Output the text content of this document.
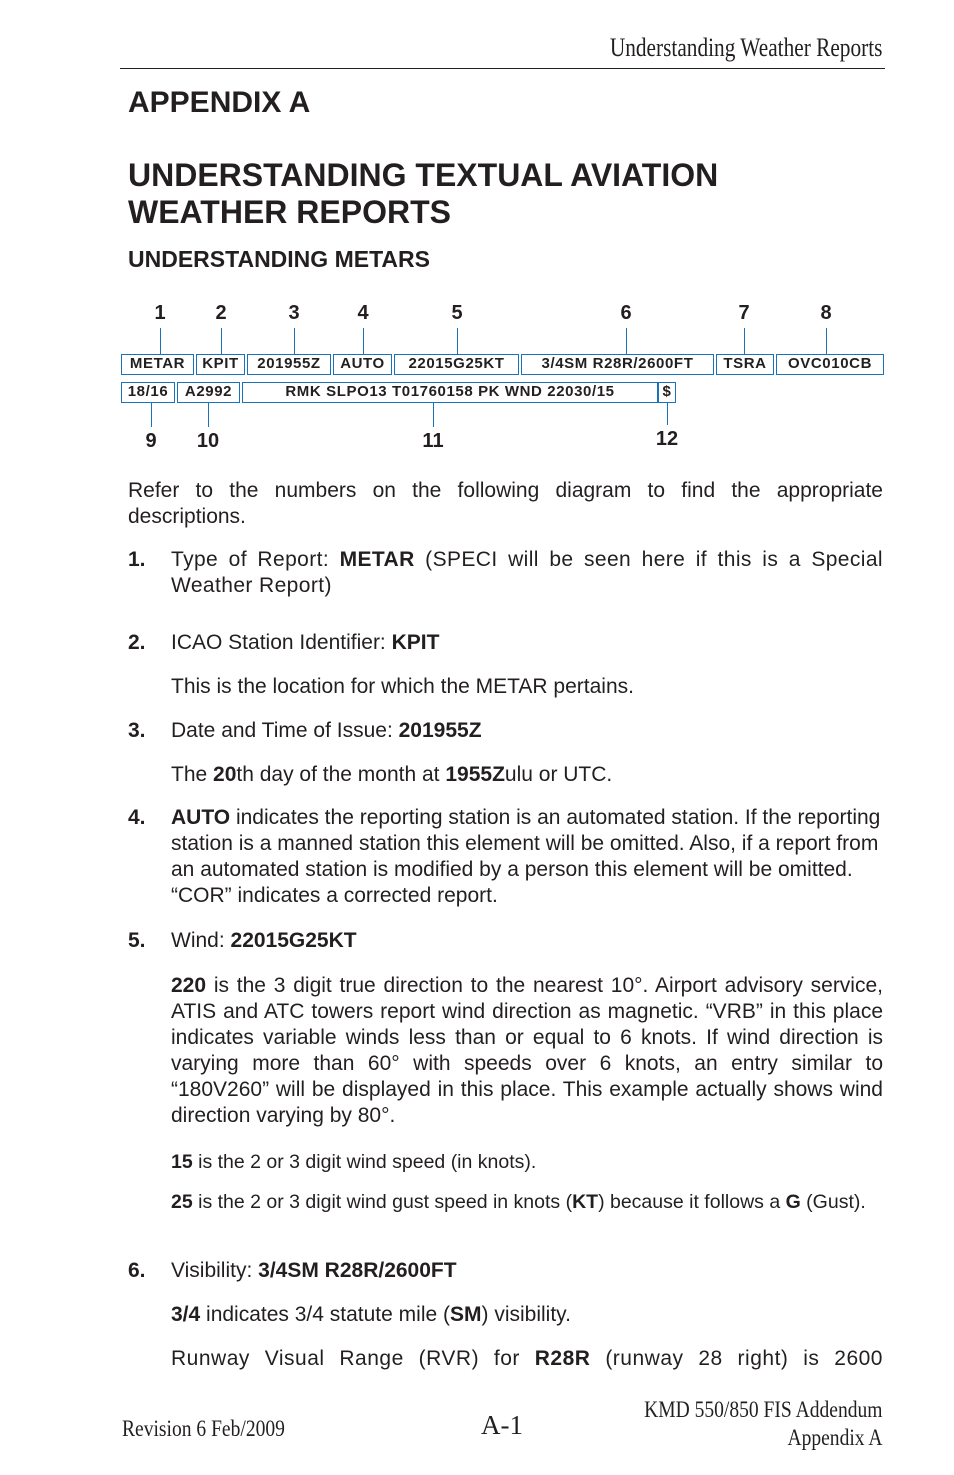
Understanding Weather Reports
APPENDIX A
UNDERSTANDING TEXTUAL AVIATION WEATHER REPORTS
UNDERSTANDING METARS
1 2	3	4	5	6	7	8
METAR	KPIT	201955Z	AUTO	22015G25KT	3/4SM R28R/2600FT	TSRA	OVC010CB
18/16	A2992	RMK SLPO13 T01760158 PK WND 22030/15	$
9 10	11	12

Refer to the numbers on the following diagram to find the appropriate descriptions.

1. Type of Report: METAR (SPECI will be seen here if this is a Special Weather Report)

2. ICAO Station Identifier: KPIT

This is the location for which the METAR pertains.

3. Date and Time of Issue: 201955Z

The 20th day of the month at 1955Zulu or UTC.

4. AUTO indicates the reporting station is an automated station. If the reporting station is a manned station this element will be omitted. Also, if a report from an automated station is modified by a person this element will be omitted. “COR” indicates a corrected report.

5. Wind: 22015G25KT

220 is the 3 digit true direction to the nearest 10°. Airport advisory service, ATIS and ATC towers report wind direction as magnetic. “VRB” in this place indicates variable winds less than or equal to 6 knots. If wind direction is varying more than 60° with speeds over 6 knots, an entry similar to “180V260” will be displayed in this place. This example actually shows wind direction varying by 80°.

15 is the 2 or 3 digit wind speed (in knots).

25 is the 2 or 3 digit wind gust speed in knots (KT) because it follows a G (Gust).

6. Visibility: 3/4SM R28R/2600FT

3/4 indicates 3/4 statute mile (SM) visibility.

Runway Visual Range (RVR) for R28R (runway 28 right) is 2600

Revision 6 Feb/2009	A-1
KMD 550/850 FIS Addendum
Appendix A
